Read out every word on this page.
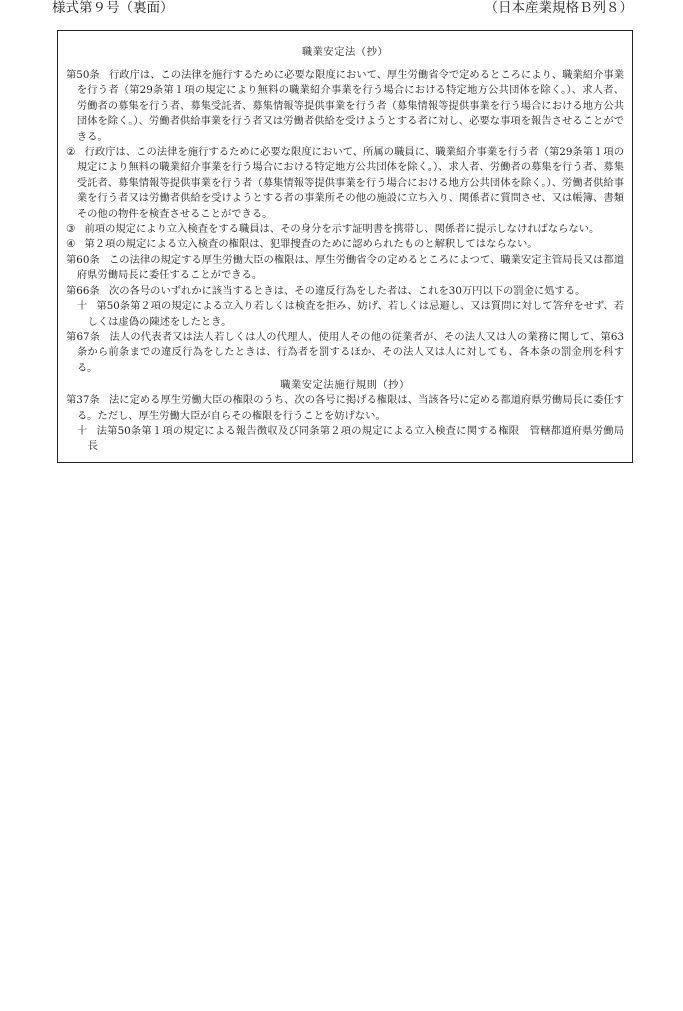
様式第９号（裏面）	（日本産業規格Ｂ列８）
職業安定法（抄）

第50条 行政庁は、この法律を施行するために必要な限度において、厚生労働省令で定めるところにより、職業紹介事業を行う者（第29条第１項の規定により無料の職業紹介事業を行う場合における特定地方公共団体を除く。）、求人者、労働者の募集を行う者、募集受託者、募集情報等提供事業を行う者（募集情報等提供事業を行う場合における地方公共団体を除く。）、労働者供給事業を行う者又は労働者供給を受けようとする者に対し、必要な事項を報告させることができる。

② 行政庁は、この法律を施行するために必要な限度において、所属の職員に、職業紹介事業を行う者（第29条第１項の規定により無料の職業紹介事業を行う場合における特定地方公共団体を除く。）、求人者、労働者の募集を行う者、募集受託者、募集情報等提供事業を行う者（募集情報等提供事業を行う場合における地方公共団体を除く。）、労働者供給事業を行う者又は労働者供給を受けようとする者の事業所その他の施設に立ち入り、関係者に質問させ、又は帳簿、書類その他の物件を検査させることができる。

③ 前項の規定により立入検査をする職員は、その身分を示す証明書を携帯し、関係者に提示しなければならない。

④ 第２項の規定による立入検査の権限は、犯罪捜査のために認められたものと解釈してはならない。

第60条 この法律の規定する厚生労働大臣の権限は、厚生労働省令の定めるところによつて、職業安定主管局長又は都道府県労働局長に委任することができる。

第66条 次の各号のいずれかに該当するときは、その違反行為をした者は、これを30万円以下の罰金に処する。

十 第50条第２項の規定による立入り若しくは検査を拒み、妨げ、若しくは忌避し、又は質問に対して答弁をせず、若しくは虚偽の陳述をしたとき。

第67条 法人の代表者又は法人若しくは人の代理人、使用人その他の従業者が、その法人又は人の業務に関して、第63条から前条までの違反行為をしたときは、行為者を罰するほか、その法人又は人に対しても、各本条の罰金刑を科する。

職業安定法施行規則（抄）

第37条 法に定める厚生労働大臣の権限のうち、次の各号に掲げる権限は、当該各号に定める都道府県労働局長に委任する。ただし、厚生労働大臣が自らその権限を行うことを妨げない。

十 法第50条第１項の規定による報告徴収及び同条第２項の規定による立入検査に関する権限　管轄都道府県労働局長
